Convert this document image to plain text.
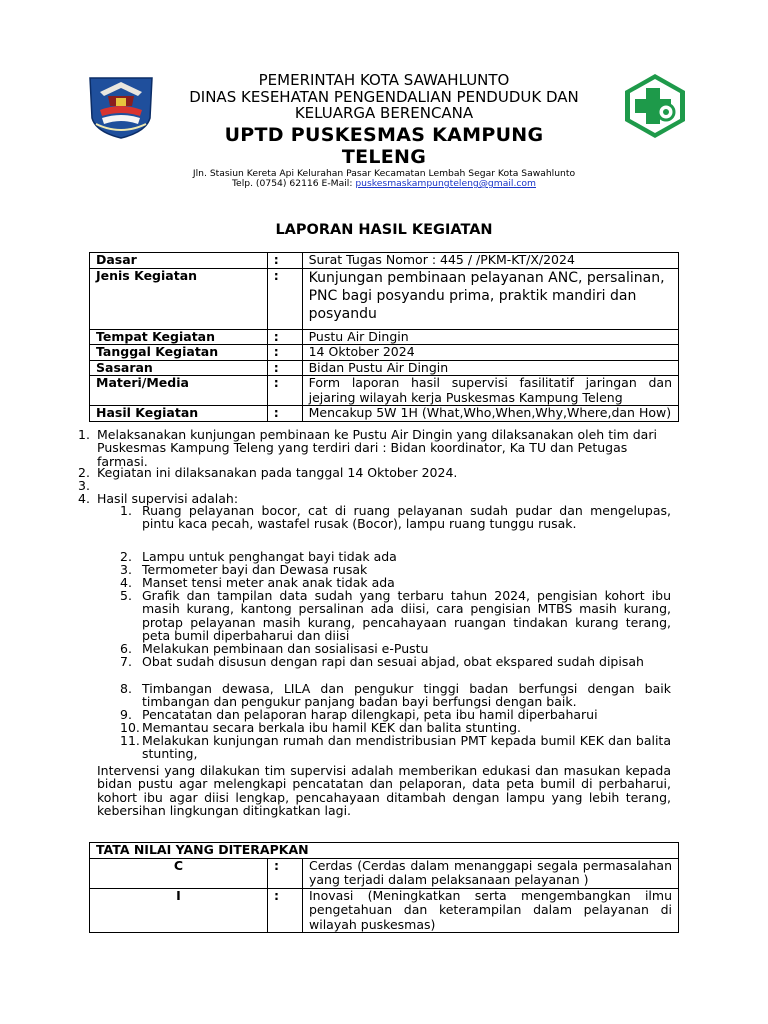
PEMERINTAH KOTA SAWAHLUNTO
DINAS KESEHATAN PENGENDALIAN PENDUDUK DAN
KELUARGA BERENCANA
UPTD PUSKESMAS KAMPUNG
TELENG
Jln. Stasiun Kereta Api Kelurahan Pasar Kecamatan Lembah Segar Kota Sawahlunto
Telp. (0754) 62116 E-Mail: puskesmaskampungteleng@gmail.com
LAPORAN HASIL KEGIATAN
Dasar	:	Surat Tugas Nomor : 445 / /PKM-KT/X/2024
Jenis Kegiatan	:	Kunjungan pembinaan pelayanan ANC, persalinan, PNC bagi posyandu prima, praktik mandiri dan posyandu
Tempat Kegiatan	:	Pustu Air Dingin
Tanggal Kegiatan	:	14 Oktober 2024
Sasaran	:	Bidan Pustu Air Dingin
Materi/Media	:	Form laporan hasil supervisi fasilitatif jaringan dan jejaring wilayah kerja Puskesmas Kampung Teleng
Hasil Kegiatan	:	Mencakup 5W 1H (What,Who,When,Why,Where,dan How)
1. Melaksanakan kunjungan pembinaan ke Pustu Air Dingin yang dilaksanakan oleh tim dari Puskesmas Kampung Teleng yang terdiri dari : Bidan koordinator, Ka TU dan Petugas farmasi.
2. Kegiatan ini dilaksanakan pada tanggal 14 Oktober 2024.
3.
4. Hasil supervisi adalah:
1. Ruang pelayanan bocor, cat di ruang pelayanan sudah pudar dan mengelupas, pintu kaca pecah, wastafel rusak (Bocor), lampu ruang tunggu rusak.
2. Lampu untuk penghangat bayi tidak ada
3. Termometer bayi dan Dewasa rusak
4. Manset tensi meter anak anak tidak ada
5. Grafik dan tampilan data sudah yang terbaru tahun 2024, pengisian kohort ibu masih kurang, kantong persalinan ada diisi, cara pengisian MTBS masih kurang, protap pelayanan masih kurang, pencahayaan ruangan tindakan kurang terang, peta bumil diperbaharui dan diisi
6. Melakukan pembinaan dan sosialisasi e-Pustu
7. Obat sudah disusun dengan rapi dan sesuai abjad, obat ekspared sudah dipisah
8. Timbangan dewasa, LILA dan pengukur tinggi badan berfungsi dengan baik timbangan dan pengukur panjang badan bayi berfungsi dengan baik.
9. Pencatatan dan pelaporan harap dilengkapi, peta ibu hamil diperbaharui
10. Memantau secara berkala ibu hamil KEK dan balita stunting.
11. Melakukan kunjungan rumah dan mendistribusian PMT kepada bumil KEK dan balita stunting,
Intervensi yang dilakukan tim supervisi adalah memberikan edukasi dan masukan kepada bidan pustu agar melengkapi pencatatan dan pelaporan, data peta bumil di perbaharui, kohort ibu agar diisi lengkap, pencahayaan ditambah dengan lampu yang lebih terang, kebersihan lingkungan ditingkatkan lagi.
TATA NILAI YANG DITERAPKAN		
C	:	Cerdas (Cerdas dalam menanggapi segala permasalahan yang terjadi dalam pelaksanaan pelayanan )
I	:	Inovasi (Meningkatkan serta mengembangkan ilmu pengetahuan dan keterampilan dalam pelayanan di wilayah puskesmas)
